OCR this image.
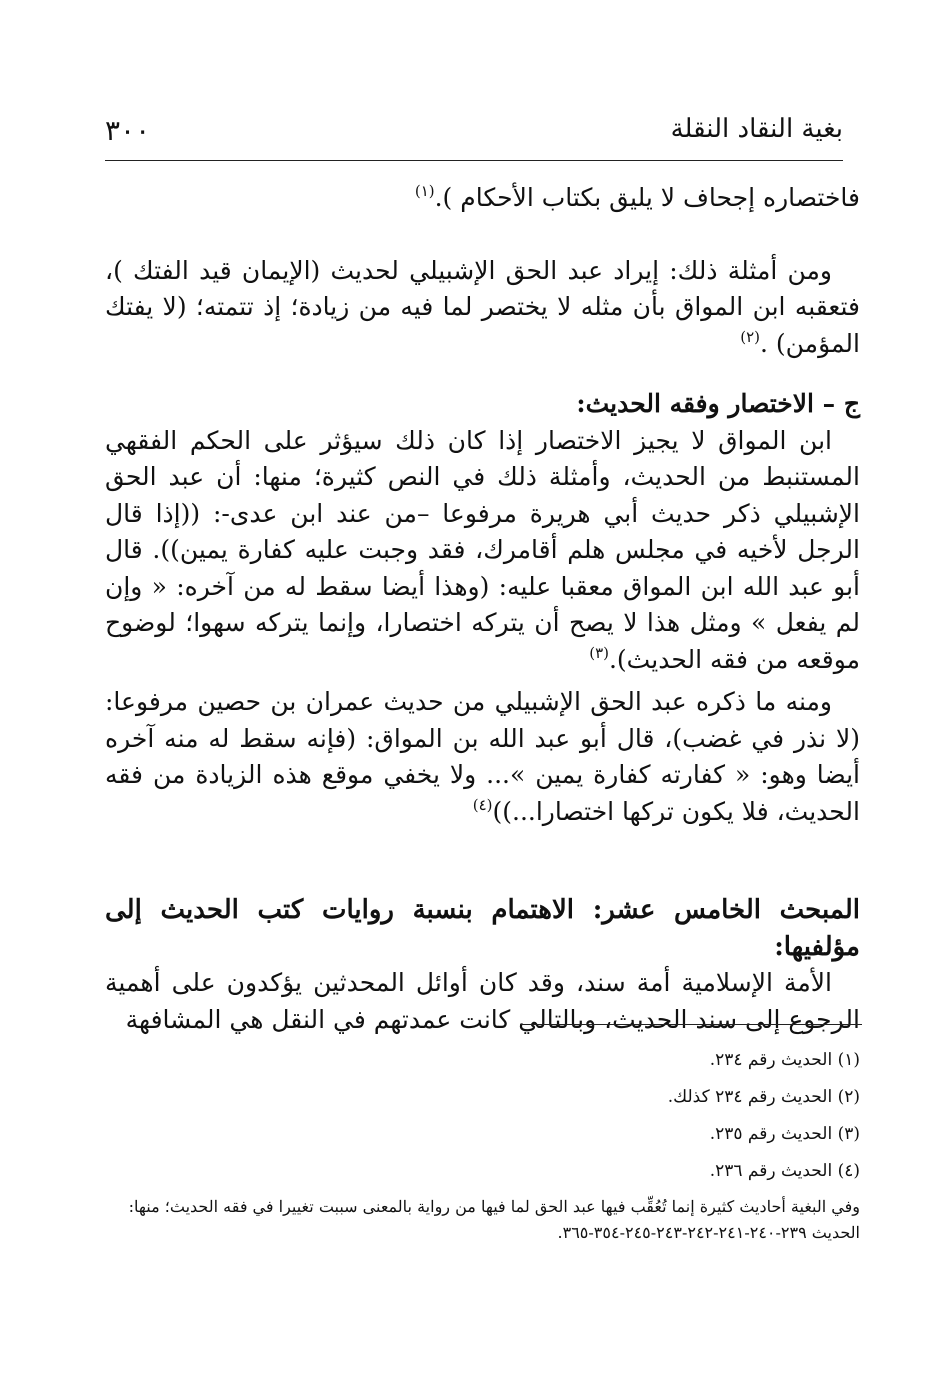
بغية النقاد النقلة
٣٠٠

فاختصاره إجحاف لا يليق بكتاب الأحكام ).$^{(١)}$

ومن أمثلة ذلك: إيراد عبد الحق الإشبيلي لحديث (الإيمان قيد الفتك )، فتعقبه ابن المواق بأن مثله لا يختصر لما فيه من زيادة؛ إذ تتمته؛ (لا يفتك المؤمن) .$^{(٢)}$

ج – الاختصار وفقه الحديث:

ابن المواق لا يجيز الاختصار إذا كان ذلك سيؤثر على الحكم الفقهي المستنبط من الحديث، وأمثلة ذلك في النص كثيرة؛ منها: أن عبد الحق الإشبيلي ذكر حديث أبي هريرة مرفوعا –من عند ابن عدى-: ((إذا قال الرجل لأخيه في مجلس هلم أقامرك، فقد وجبت عليه كفارة يمين)). قال أبو عبد الله ابن المواق معقبا عليه: (وهذا أيضا سقط له من آخره: « وإن لم يفعل » ومثل هذا لا يصح أن يتركه اختصارا، وإنما يتركه سهوا؛ لوضوح موقعه من فقه الحديث).$^{(٣)}$

ومنه ما ذكره عبد الحق الإشبيلي من حديث عمران بن حصين مرفوعا: (لا نذر في غضب)، قال أبو عبد الله بن المواق: (فإنه سقط له منه آخره أيضا وهو: « كفارته كفارة يمين »... ولا يخفي موقع هذه الزيادة من فقه الحديث، فلا يكون تركها اختصارا...))$^{(٤)}$

المبحث الخامس عشر: الاهتمام بنسبة روايات كتب الحديث إلى مؤلفيها:

الأمة الإسلامية أمة سند، وقد كان أوائل المحدثين يؤكدون على أهمية الرجوع إلى سند الحديث، وبالتالي كانت عمدتهم في النقل هي المشافهة

(١) الحديث رقم ٢٣٤.

(٢) الحديث رقم ٢٣٤ كذلك.

(٣) الحديث رقم ٢٣٥.

(٤) الحديث رقم ٢٣٦.

وفي البغية أحاديث كثيرة إنما تُعُقِّب فيها عبد الحق لما فيها من رواية بالمعنى سببت تغييرا في فقه الحديث؛ منها: الحديث ٢٣٩-٢٤٠-٢٤١-٢٤٢-٢٤٣-٢٤٥-٣٥٤-٣٦٥.
